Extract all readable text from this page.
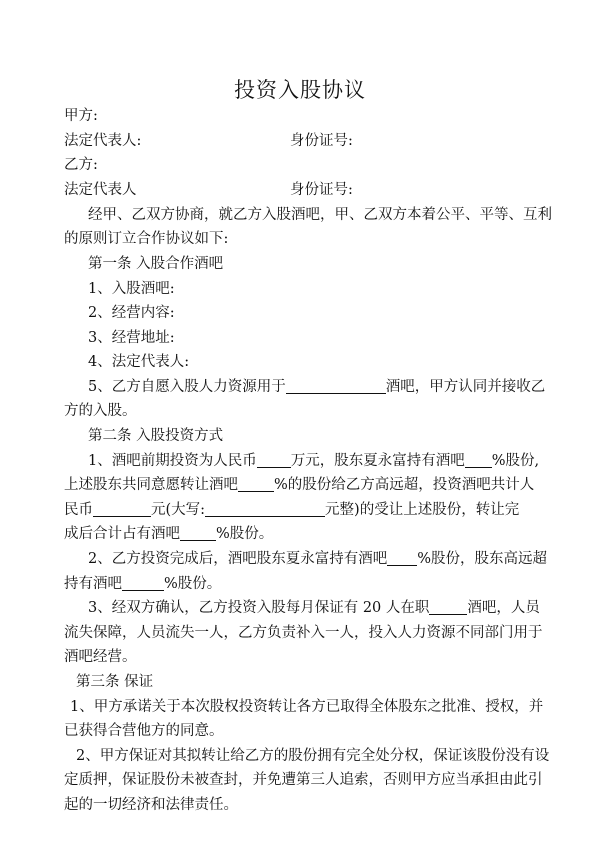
投资入股协议
甲方:
法定代表人:	身份证号:
乙方:
法定代表人	身份证号:
经甲、乙双方协商，就乙方入股酒吧，甲、乙双方本着公平、平等、互利
的原则订立合作协议如下:
第一条 入股合作酒吧
1、入股酒吧:
2、经营内容:
3、经营地址:
4、法定代表人:
5、乙方自愿入股人力资源用于	酒吧，甲方认同并接收乙
方的入股。
第二条 入股投资方式
1、酒吧前期投资为人民币 万元，股东夏永富持有酒吧 %股份,
上述股东共同意愿转让酒吧 %的股份给乙方高远超，投资酒吧共计人
民币	元(大写:	元整)的受让上述股份，转让完
成后合计占有酒吧 %股份。
2、乙方投资完成后，酒吧股东夏永富持有酒吧 %股份，股东高远超
持有酒吧	%股份。
3、经双方确认，乙方投资入股每月保证有 20 人在职	酒吧，人员
流失保障，人员流失一人，乙方负责补入一人，投入人力资源不同部门用于
酒吧经营。
第三条 保证
1、甲方承诺关于本次股权投资转让各方已取得全体股东之批准、授权，并
已获得合营他方的同意。
2、甲方保证对其拟转让给乙方的股份拥有完全处分权，保证该股份没有设
定质押，保证股份未被查封，并免遭第三人追索，否则甲方应当承担由此引
起的一切经济和法律责任。
